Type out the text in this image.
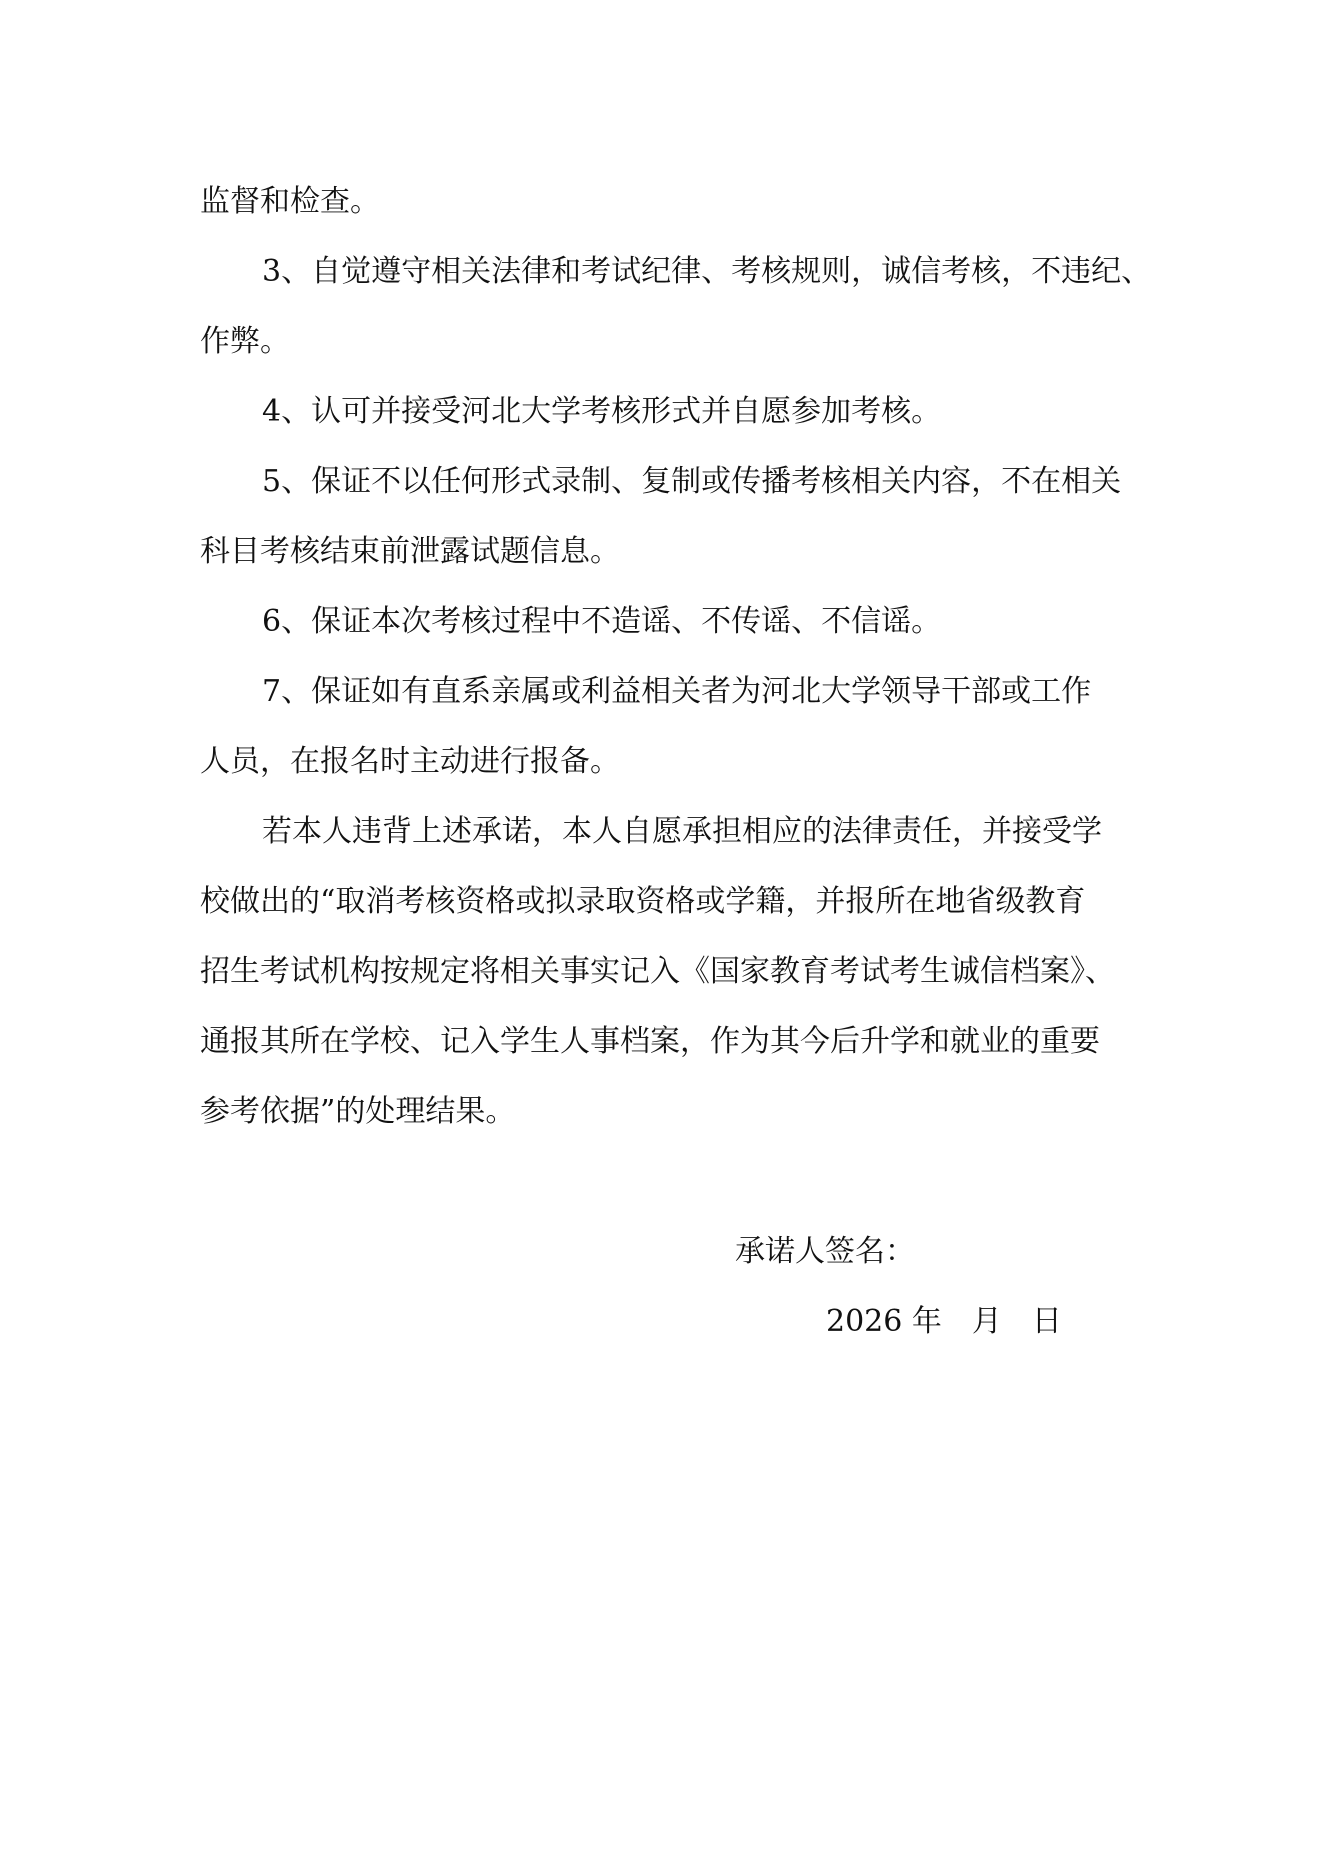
监督和检查。
3、自觉遵守相关法律和考试纪律、考核规则，诚信考核，不违纪、
作弊。
4、认可并接受河北大学考核形式并自愿参加考核。
5、保证不以任何形式录制、复制或传播考核相关内容，不在相关
科目考核结束前泄露试题信息。
6、保证本次考核过程中不造谣、不传谣、不信谣。
7、保证如有直系亲属或利益相关者为河北大学领导干部或工作
人员，在报名时主动进行报备。
若本人违背上述承诺，本人自愿承担相应的法律责任，并接受学
校做出的“取消考核资格或拟录取资格或学籍，并报所在地省级教育
招生考试机构按规定将相关事实记入《国家教育考试考生诚信档案》、
通报其所在学校、记入学生人事档案，作为其今后升学和就业的重要
参考依据”的处理结果。
承诺人签名：
2026 年　月　日
